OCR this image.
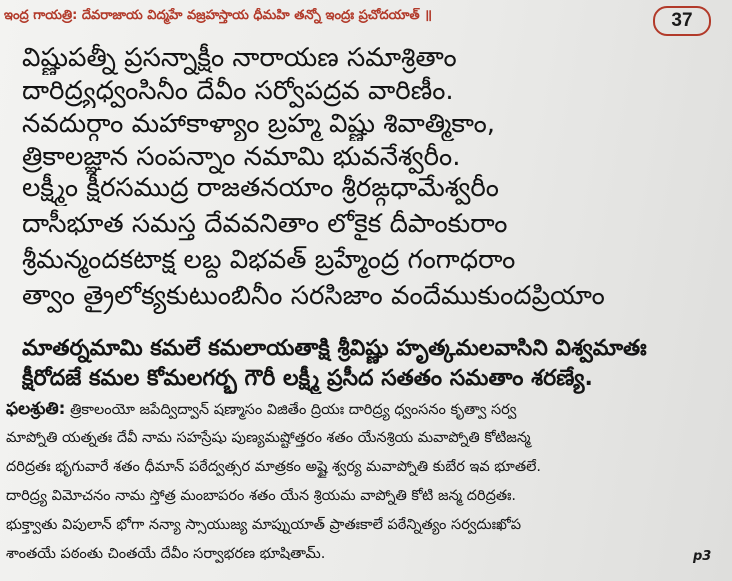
ఇంద్ర గాయత్రి: దేవరాజాయ విద్మహే వజ్రహస్తాయ ధీమహి తన్నో ఇంద్రః ప్రచోదయాత్ ॥	37
విష్ణుపత్నీ ప్రసన్నాక్షీం నారాయణ సమాశ్రితాం
దారిద్ర్యధ్వంసినీం దేవీం సర్వోపద్రవ వారిణీం.
నవదుర్గాం మహాకాళ్యాం బ్రహ్మ విష్ణు శివాత్మికాం,
త్రికాలజ్ఞాన సంపన్నాం నమామి భువనేశ్వరీం.
లక్ష్మీం క్షీరసముద్ర రాజతనయాం శ్రీరఙ్గధామేశ్వరీం
దాసీభూత సమస్త దేవవనితాం లోకైక దీపాంకురాం
శ్రీమన్మందకటాక్ష లబ్ధ విభవత్ బ్రహ్మేంద్ర గంగాధరాం
త్వాం త్రైలోక్యకుటుంబినీం సరసిజాం వందేముకుందప్రియాం
మాతర్నమామి కమలే కమలాయతాక్షి శ్రీవిష్ణు హృత్కమలవాసిని విశ్వమాతః
క్షీరోదజే కమల కోమలగర్భ గౌరీ లక్ష్మీ ప్రసీద సతతం సమతాం శరణ్యే.
ఫలశ్రుతి: త్రికాలంయో జపేద్విద్వాన్ షణ్మాసం విజితేం ద్రియః దారిద్ర్య ధ్వంసనం కృత్వా సర్వ
మాప్నోతి యత్నతః దేవీ నామ సహస్రేషు పుణ్యమష్టోత్తరం శతం యేనశ్రియ మవాప్నోతి కోటిజన్మ
దరిద్రతః భృగువారే శతం ధీమాన్ పఠేద్వత్సర మాత్రకం అష్టై శ్వర్య మవాప్నోతి కుబేర ఇవ భూతలే.
దారిద్ర్య విమోచనం నామ స్తోత్ర మంబాపరం శతం యేన శ్రియమ వాప్నోతి కోటి జన్మ దరిద్రతః.
భుక్త్వాతు విపులాన్ భోగా నన్యా స్సాయుజ్య మాప్నుయాత్ ప్రాతఃకాలే పఠేన్నిత్యం సర్వదుఃఖోప
శాంతయే పఠంతు చింతయే దేవీం సర్వాభరణ భూషితామ్.	p3
